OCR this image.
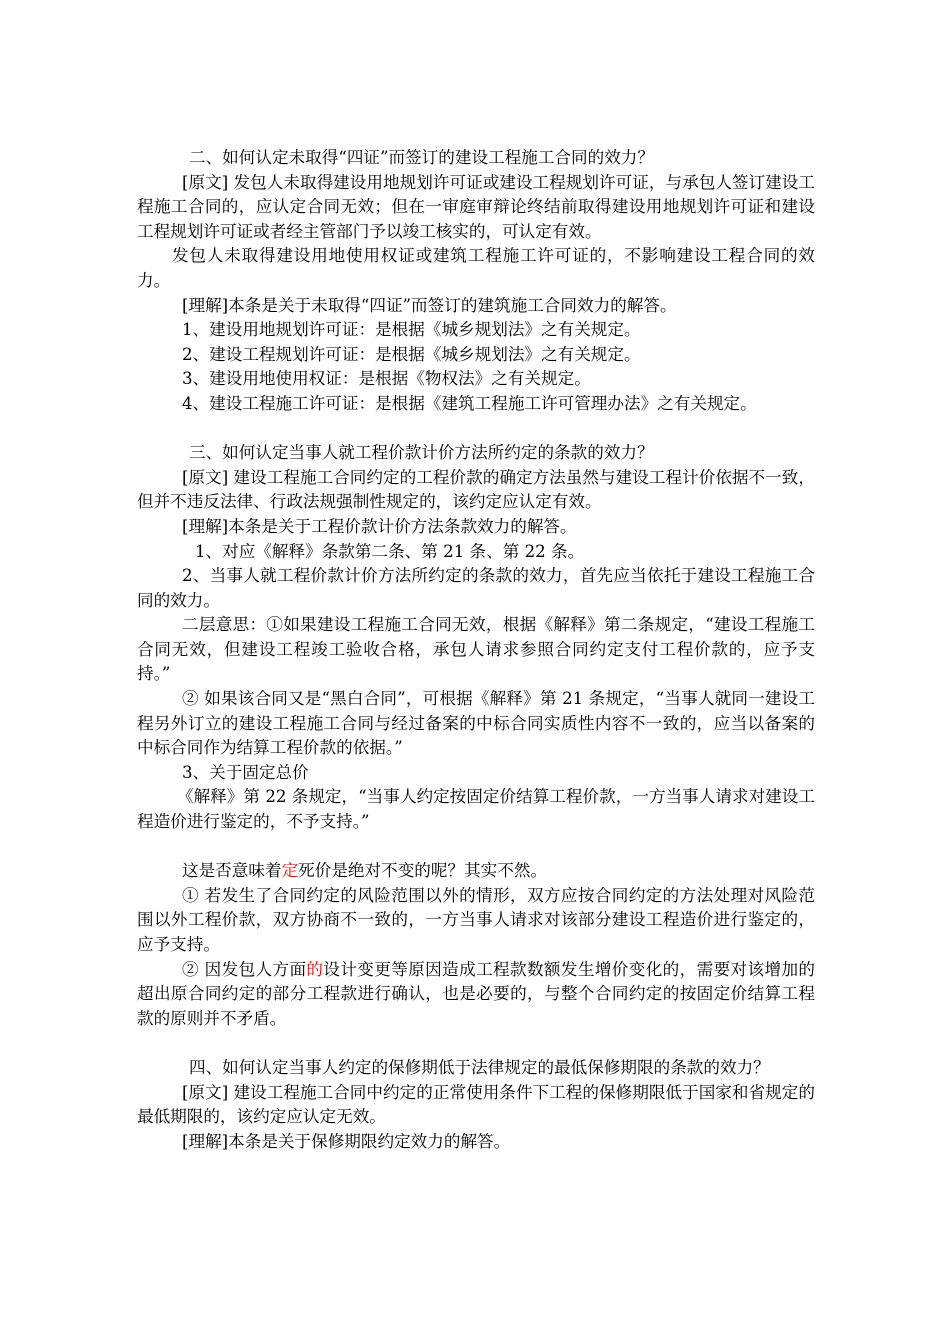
二、如何认定未取得“四证”而签订的建设工程施工合同的效力？

[原文] 发包人未取得建设用地规划许可证或建设工程规划许可证，与承包人签订建设工程施工合同的，应认定合同无效；但在一审庭审辩论终结前取得建设用地规划许可证和建设工程规划许可证或者经主管部门予以竣工核实的，可认定有效。

发包人未取得建设用地使用权证或建筑工程施工许可证的，不影响建设工程合同的效力。

[理解]本条是关于未取得“四证”而签订的建筑施工合同效力的解答。

1、建设用地规划许可证：是根据《城乡规划法》之有关规定。

2、建设工程规划许可证：是根据《城乡规划法》之有关规定。

3、建设用地使用权证：是根据《物权法》之有关规定。

4、建设工程施工许可证：是根据《建筑工程施工许可管理办法》之有关规定。

三、如何认定当事人就工程价款计价方法所约定的条款的效力？

[原文] 建设工程施工合同约定的工程价款的确定方法虽然与建设工程计价依据不一致，但并不违反法律、行政法规强制性规定的，该约定应认定有效。

[理解]本条是关于工程价款计价方法条款效力的解答。

1、对应《解释》条款第二条、第 21 条、第 22 条。

2、当事人就工程价款计价方法所约定的条款的效力，首先应当依托于建设工程施工合同的效力。

二层意思：①如果建设工程施工合同无效，根据《解释》第二条规定，“建设工程施工合同无效，但建设工程竣工验收合格，承包人请求参照合同约定支付工程价款的，应予支持。”

② 如果该合同又是“黑白合同”，可根据《解释》第 21 条规定，“当事人就同一建设工程另外订立的建设工程施工合同与经过备案的中标合同实质性内容不一致的，应当以备案的中标合同作为结算工程价款的依据。”

3、关于固定总价

《解释》第 22 条规定，“当事人约定按固定价结算工程价款，一方当事人请求对建设工程造价进行鉴定的，不予支持。”

这是否意味着定死价是绝对不变的呢？其实不然。

① 若发生了合同约定的风险范围以外的情形，双方应按合同约定的方法处理对风险范围以外工程价款，双方协商不一致的，一方当事人请求对该部分建设工程造价进行鉴定的，应予支持。

② 因发包人方面的设计变更等原因造成工程款数额发生增价变化的，需要对该增加的超出原合同约定的部分工程款进行确认，也是必要的，与整个合同约定的按固定价结算工程款的原则并不矛盾。

四、如何认定当事人约定的保修期低于法律规定的最低保修期限的条款的效力？

[原文] 建设工程施工合同中约定的正常使用条件下工程的保修期限低于国家和省规定的最低期限的，该约定应认定无效。

[理解]本条是关于保修期限约定效力的解答。
